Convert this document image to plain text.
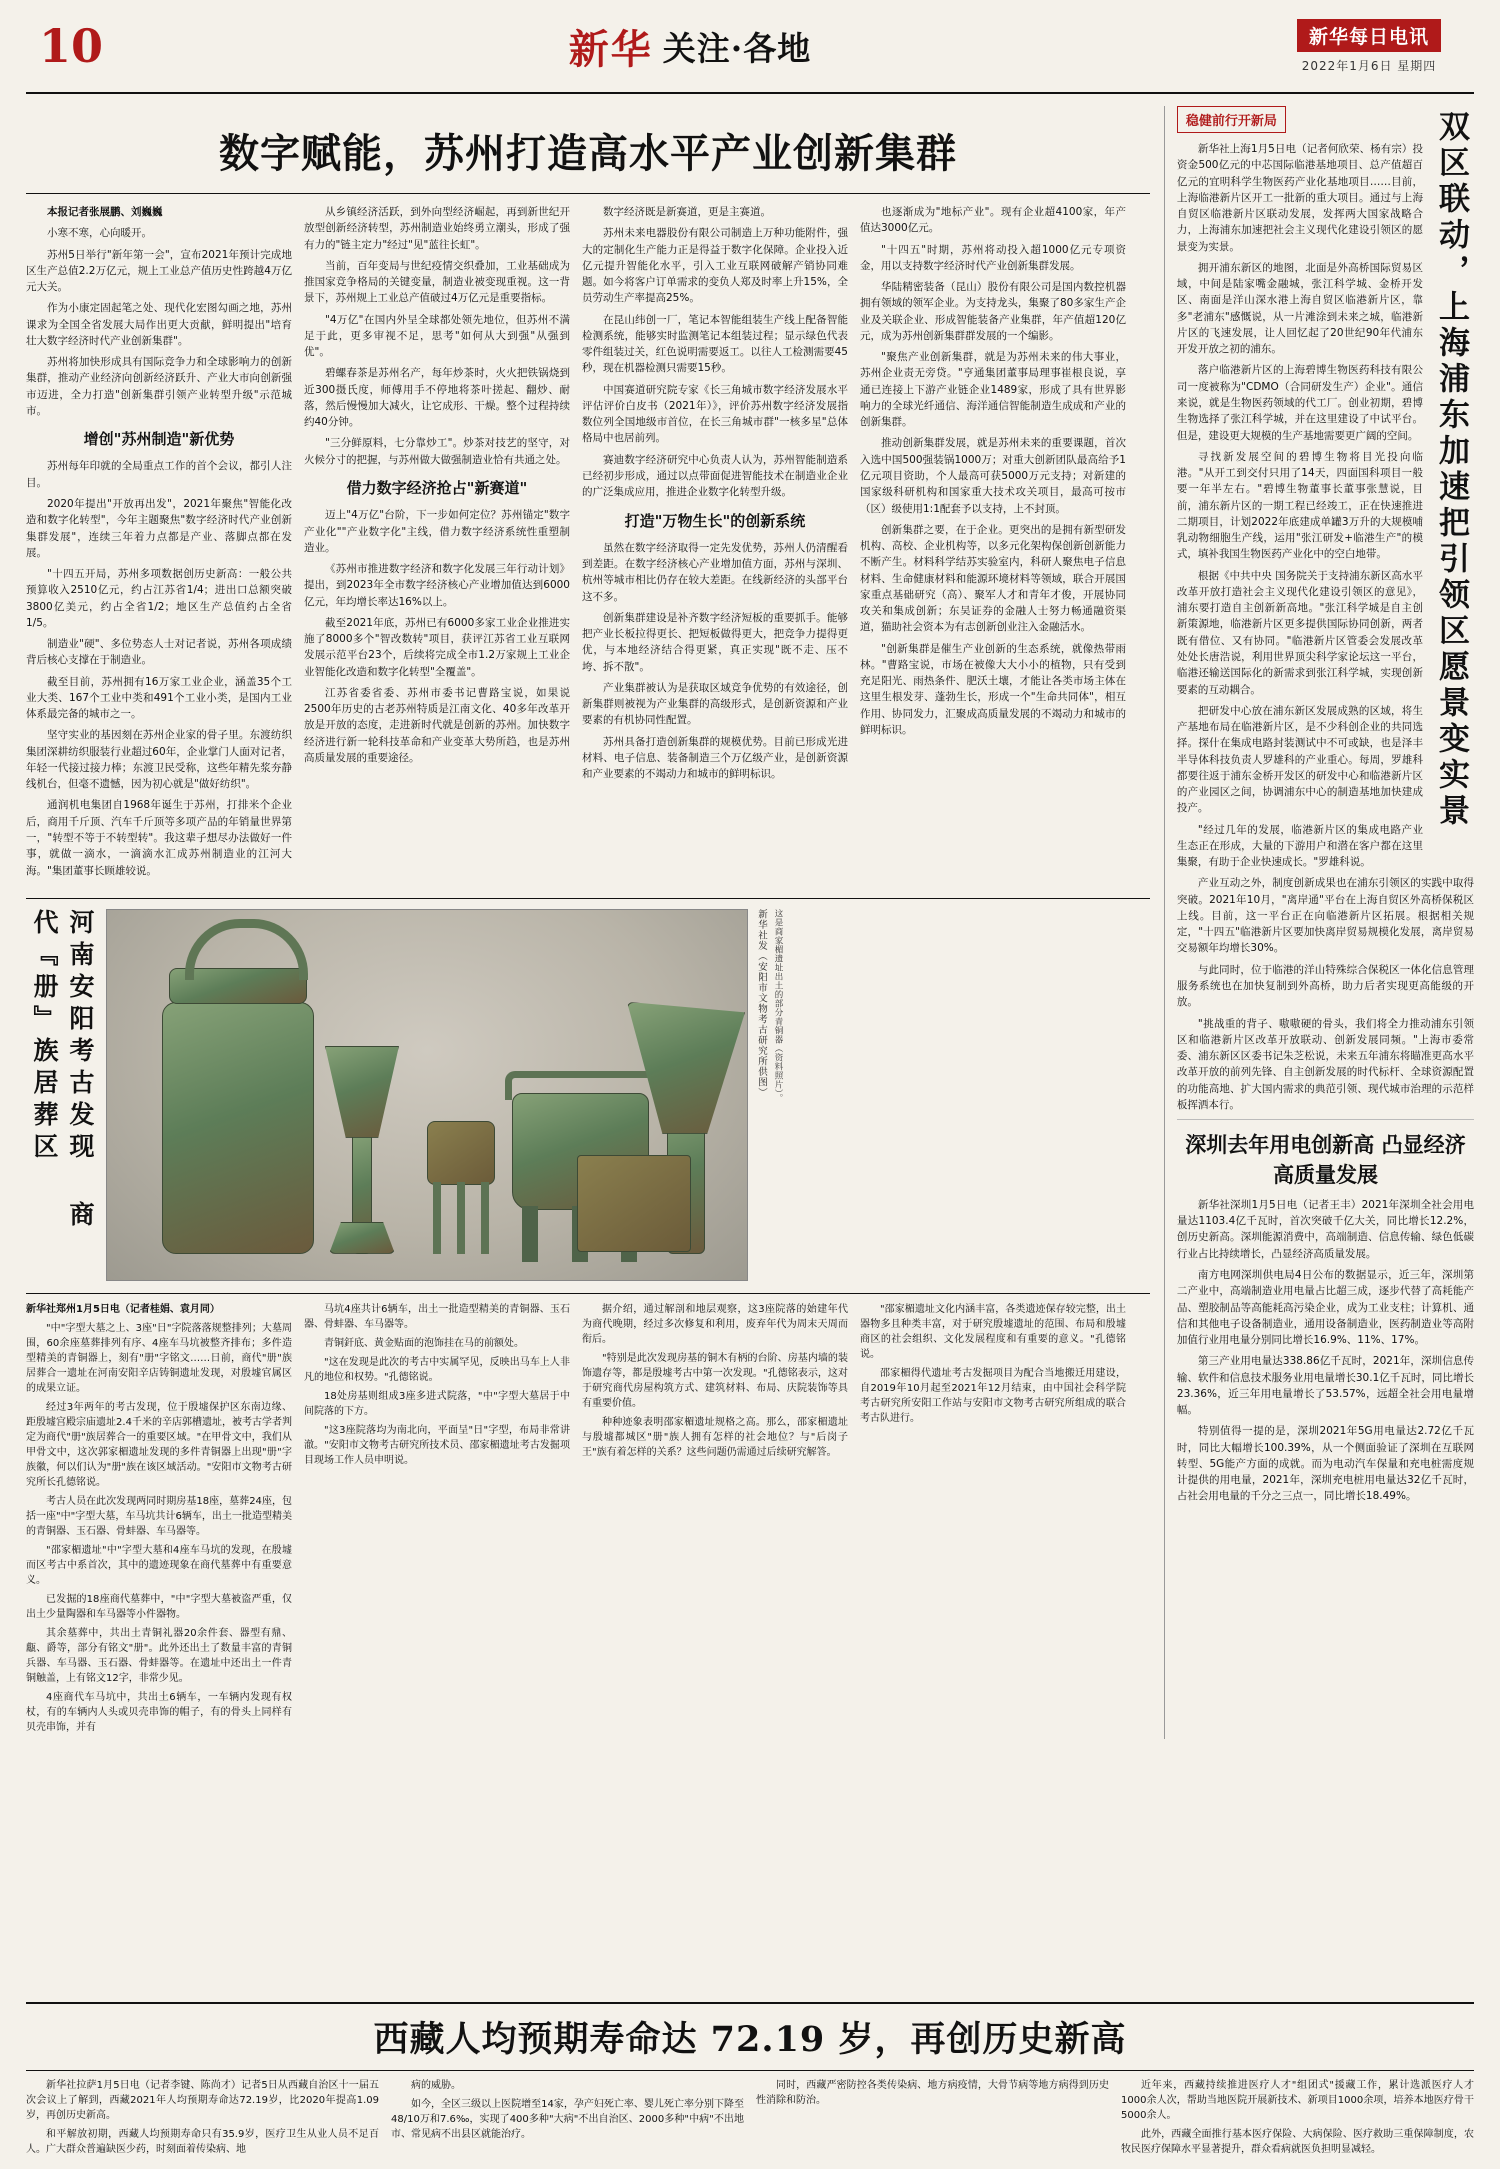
10	新华 关注·各地	新华每日电讯
2022年1月6日 星期四
数字赋能，苏州打造高水平产业创新集群

本报记者张展鹏、刘巍巍

小寒不寒，心向暖开。

苏州5日举行"新年第一会"，宣布2021年预计完成地区生产总值2.2万亿元，规上工业总产值历史性跨越4万亿元大关。

作为小康定固起笔之处、现代化宏图勾画之地，苏州课求为全国全省发展大局作出更大贡献，鲜明提出"培育壮大数字经济时代产业创新集群"。

苏州将加快形成具有国际竞争力和全球影响力的创新集群，推动产业经济向创新经济跃升、产业大市向创新强市迈进，全力打造"创新集群引领产业转型升级"示范城市。

增创"苏州制造"新优势

苏州每年印就的全局重点工作的首个会议，都引人注目。

2020年提出"开放再出发"，2021年聚焦"智能化改造和数字化转型"，今年主题聚焦"数字经济时代产业创新集群发展"，连续三年着力点都是产业、落脚点都在发展。

"十四五开局，苏州多项数据创历史新高：一般公共预算收入2510亿元，约占江苏省1/4；进出口总额突破3800亿美元，约占全省1/2；地区生产总值约占全省1/5。

制造业"硬"、多位势态人士对记者说，苏州各项成绩背后核心支撑在于制造业。

截至目前，苏州拥有16万家工业企业，涵盖35个工业大类、167个工业中类和491个工业小类，是国内工业体系最完备的城市之一。

坚守实业的基因刻在苏州企业家的骨子里。东渡纺织集团深耕纺织服装行业超过60年，企业掌门人面对记者，年轻一代接过接力棒；东渡卫民受称，这些年精先浆夯静线机台，但毫不遗憾，因为初心就是"做好纺织"。

通润机电集团自1968年诞生于苏州，打排米个企业后，商用千斤顶、汽车千斤顶等多项产品的年销量世界第一，"转型不等于不转型转"。我这辈子想尽办法做好一件事，就做一滴水，一滴滴水汇成苏州制造业的江河大海。"集团董事长顾雄较说。

从乡镇经济活跃，到外向型经济崛起，再到新世纪开放型创新经济转型，苏州制造业始终勇立潮头，形成了强有力的"链主定力"经过"见"蓝往长虹"。

当前，百年变局与世纪疫情交织叠加，工业基础成为推国家竞争格局的关键变量，制造业被变现重视。这一背景下，苏州规上工业总产值破过4万亿元是重要指标。

"4万亿"在国内外呈全球都处领先地位，但苏州不满足于此，更多审视不足，思考"如何从大到强"从强到优"。

碧螺春茶是苏州名产，每年炒茶时，火火把铁锅烧到近300摄氏度，师傅用手不停地将茶叶搓起、翻炒、耐落，然后慢慢加大减火，让它成形、干燥。整个过程持续约40分钟。

"三分鲜原料，七分靠炒工"。炒茶对技艺的坚守，对火候分寸的把握，与苏州做大做强制造业恰有共通之处。

借力数字经济抢占"新赛道"

迈上"4万亿"台阶，下一步如何定位？苏州锚定"数字产业化""产业数字化"主线，借力数字经济系统性重塑制造业。

《苏州市推进数字经济和数字化发展三年行动计划》提出，到2023年全市数字经济核心产业增加值达到6000亿元，年均增长率达16%以上。

截至2021年底，苏州已有6000多家工业企业推进实施了8000多个"智改数转"项目，获评江苏省工业互联网发展示范平台23个，后续将完成全市1.2万家规上工业企业智能化改造和数字化转型"全覆盖"。

江苏省委省委、苏州市委书记曹路宝说，如果说2500年历史的古老苏州特质是江南文化、40多年改革开放是开放的态度，走进新时代就是创新的苏州。加快数字经济进行新一轮科技革命和产业变革大势所趋，也是苏州高质量发展的重要途径。

数字经济既是新赛道，更是主赛道。

苏州未来电器股份有限公司制造上万种功能附件，强大的定制化生产能力正是得益于数字化保障。企业投入近亿元提升智能化水平，引入工业互联网破解产销协同难题。如今将客户订单需求的变负人郑及时率上升15%，全员劳动生产率提高25%。

在昆山纬创一厂，笔记本智能组装生产线上配备智能检测系统，能够实时监测笔记本组装过程；显示绿色代表零件组装过关，红色说明需要返工。以往人工检测需要45秒，现在机器检测只需要15秒。

中国赛道研究院专家《长三角城市数字经济发展水平评估评价白皮书（2021年）》，评价苏州数字经济发展指数位列全国地级市首位，在长三角城市群"一核多星"总体格局中也居前列。

赛迪数字经济研究中心负责人认为，苏州智能制造系已经初步形成，通过以点带面促进智能技术在制造业企业的广泛集成应用，推进企业数字化转型升级。

打造"万物生长"的创新系统

虽然在数字经济取得一定先发优势，苏州人仍清醒看到差距。在数字经济核心产业增加值方面，苏州与深圳、杭州等城市相比仍存在较大差距。在线新经济的头部平台这不多。

创新集群建设是补齐数字经济短板的重要抓手。能够把产业长板拉得更长、把短板做得更大，把竞争力提得更优，与本地经济结合得更紧，真正实现"既不走、压不垮、拆不散"。

产业集群被认为是获取区域竞争优势的有效途径，创新集群则被视为产业集群的高级形式，是创新资源和产业要素的有机协同性配置。

苏州具备打造创新集群的规模优势。目前已形成光进材料、电子信息、装备制造三个万亿级产业，是创新资源和产业要素的不竭动力和城市的鲜明标识。

也逐渐成为"地标产业"。现有企业超4100家，年产值达3000亿元。

"十四五"时期，苏州将动投入超1000亿元专项资金，用以支持数字经济时代产业创新集群发展。

华陆精密装备（昆山）股份有限公司是国内数控机器拥有领域的领军企业。为支持龙头，集聚了80多家生产企业及关联企业、形成智能装备产业集群，年产值超120亿元，成为苏州创新集群群发展的一个编影。

"聚焦产业创新集群，就是为苏州未来的伟大事业，苏州企业责无旁贷。"亨通集团董事局理事崔根良说，享通已连接上下游产业链企业1489家，形成了具有世界影响力的全球光纤通信、海洋通信智能制造生成成和产业的创新集群。

推动创新集群发展，就是苏州未来的重要课题，首次入选中国500强装锅1000万；对重大创新团队最高给予1亿元项目资助，个人最高可获5000万元支持；对新建的国家级科研机构和国家重大技术攻关项目，最高可按市（区）级使用1:1配套予以支持，上不封顶。

创新集群之要，在于企业。更突出的是拥有新型研发机构、高校、企业机构等，以多元化架构保创新创新能力不断产生。材料科学结苏实验室内，科研人聚焦电子信息材料、生命健康材料和能源环境材料等领域，联合开展国家重点基础研究（高）、聚军人才和青年才俊，开展协同攻关和集成创新；东吴证券的金融人士努力畅通融资渠道，猫助社会资本为有志创新创业注入金融活水。

"创新集群是催生产业创新的生态系统，就像热带雨林。"曹路宝说，市场在被像大大小小的植物，只有受到充足阳光、雨热条件、肥沃土壤，才能让各类市场主体在这里生根发芽、蓬勃生长，形成一个"生命共同体"，相互作用、协同发力，汇聚成高质量发展的不竭动力和城市的鲜明标识。

河南安阳考古发现 商代『册』族居葬区	新华社发（安阳市文物考古研究所供图） 这是商家楣遗址出土的部分青铜器（资料照片）。

新华社郑州1月5日电（记者桂娟、袁月同）

"中"字型大墓之上、3座"日"字院落落规整排列；大墓周围，60余座墓葬排列有序、4座车马坑被整齐排布；多件造型精美的青铜器上，刻有"册"字铭文……日前，商代"册"族居葬合一遗址在河南安阳辛店铸铜遗址发现，对殷墟官属区的成果立证。

经过3年两年的考古发现，位于殷墟保护区东南边缘、距殷墟宫殿宗庙遗址2.4千米的辛店郭槽遗址，被考古学者判定为商代"册"族居葬合一的重要区域。"在甲骨文中，我们从甲骨文中，这次郭家楣遗址发现的多件青铜器上出现"册"字族徽，何以们认为"册"族在该区域活动。"安阳市文物考古研究所长孔德铭说。

考古人员在此次发现两同时期房基18座，墓葬24座，包括一座"中"字型大墓，车马坑共计6辆车，出土一批造型精美的青铜器、玉石器、骨蚌器、车马器等。

"邵家楣遗址"中"字型大墓和4座车马坑的发现，在殷墟而区考古中系首次，其中的遗迹现象在商代墓葬中有重要意义。

已发掘的18座商代墓葬中，"中"字型大墓被盗严重，仅出土少量陶器和车马器等小件器物。

其余墓葬中，共出土青铜礼器20余件套、器型有鼎、甗、爵等，部分有铭文"册"。此外还出土了数量丰富的青铜兵器、车马器、玉石器、骨蚌器等。在遗址中还出土一件青铜触盖，上有铭文12字，非常少见。

4座商代车马坑中，共出土6辆车，一车辆内发现有权杖，有的车辆内人头或贝壳串饰的帽子，有的骨头上同样有贝壳串饰，并有

马坑4座共计6辆车，出土一批造型精美的青铜器、玉石器、骨蚌器、车马器等。

青铜釬底、黄金贴面的泡饰挂在马的前额处。

"这在发现是此次的考古中实属罕见，反映出马车上人非凡的地位和权势。"孔德铭说。

18处房基则组成3座多进式院落，"中"字型大墓居于中间院落的下方。

"这3座院落均为南北向，平面呈"日"字型，布局非常讲澈。"安阳市文物考古研究所技术员、邵家楣遗址考古发掘项目现场工作人员申明说。

据介绍，通过解剖和地层观察，这3座院落的始建年代为商代晚期，经过多次修复和利用，废弃年代为周末天周而衔后。

"特别是此次发现房基的铜木有柄的台阶、房基内墙的装饰遗存等，都是殷墟考古中第一次发现。"孔德铭表示，这对于研究商代房屋构筑方式、建筑材料、布局、庆院装饰等具有重要价值。

种种迹象表明邵家楣遗址规格之高。那么，邵家楣遗址与殷墟都城区"册"族人拥有怎样的社会地位？与"后岗子王"族有着怎样的关系？这些问题仍需通过后续研究解答。

"邵家楣遗址文化内涵丰富，各类遗迹保存较完整，出土器物多且种类丰富，对于研究殷墟遗址的范围、布局和殷墟商区的社会组织、文化发展程度和有重要的意义。"孔德铭说。

邵家楣得代遗址考古发掘项目为配合当地搬迁用建设，自2019年10月起至2021年12月结束，由中国社会科学院考古研究所安阳工作站与安阳市文物考古研究所组成的联合考古队进行。

稳健前行开新局	双区联动，上海浦东加速把引领区愿景变实景

新华社上海1月5日电（记者何欣荣、杨有宗）投资金500亿元的中芯国际临港基地项目、总产值超百亿元的宜明科学生物医药产业化基地项目……目前，上海临港新片区开工一批新的重大项目。通过与上海自贸区临港新片区联动发展，发挥两大国家战略合力，上海浦东加速把社会主义现代化建设引领区的愿景变为实景。

拥开浦东新区的地图，北面是外高桥国际贸易区域，中间是陆家嘴金融城，张江科学城、金桥开发区、南面是洋山深水港上海自贸区临港新片区，靠多"老浦东"感慨说，从一片滩涂到未来之城，临港新片区的飞速发展，让人回忆起了20世纪90年代浦东开发开放之初的浦东。

落户临港新片区的上海碧博生物医药科技有限公司一度被称为"CDMO（合同研发生产）企业"。通信来说，就是生物医药领域的代工厂。创业初期，碧博生物选择了张江科学城，并在这里建设了中试平台。但是，建设更大规模的生产基地需要更广阔的空间。

寻找新发展空间的碧博生物将目光投向临港。"从开工到交付只用了14天，四面国科项目一般要一年半左右。"碧博生物董事长董事张慧说，目前，浦东新片区的一期工程已经竣工，正在快速推进二期项目，计划2022年底建成单罐3万升的大规模哺乳动物细胞生产线，运用"张江研发+临港生产"的模式，填补我国生物医药产业化中的空白地带。

根据《中共中央 国务院关于支持浦东新区高水平改革开放打造社会主义现代化建设引领区的意见》，浦东要打造自主创新新高地。"张江科学城是自主创新策源地，临港新片区更多提供国际协同创新，两者既有借位、又有协同。"临港新片区管委会发展改革处处长唐浩说，利用世界顶尖科学家论坛这一平台，临港还输送国际化的新需求到张江科学城，实现创新要素的互动耦合。

把研发中心放在浦东新区发展成熟的区域，将生产基地布局在临港新片区，是不少科创企业的共同选择。探什在集成电路封装测试中不可或缺，也是泽丰半导体科技负责人罗雄科的产业重心。每周，罗雄科都要往返于浦东金桥开发区的研发中心和临港新片区的产业园区之间，协调浦东中心的制造基地加快建成投产。

"经过几年的发展，临港新片区的集成电路产业生态正在形成，大量的下游用户和潜在客户都在这里集聚，有助于企业快速成长。"罗雄科说。

产业互动之外，制度创新成果也在浦东引领区的实践中取得突破。2021年10月，"离岸通"平台在上海自贸区外高桥保税区上线。目前，这一平台正在向临港新片区拓展。根据相关规定，"十四五"临港新片区要加快离岸贸易规模化发展，离岸贸易交易额年均增长30%。

与此同时，位于临港的洋山特殊综合保税区一体化信息管理服务系统也在加快复制到外高桥，助力后者实现更高能级的开放。

"挑战重的背子、嗷嗷硬的骨头，我们将全力推动浦东引领区和临港新片区改革开放联动、创新发展同频。"上海市委常委、浦东新区区委书记朱芝松说，未来五年浦东将瞄准更高水平改革开放的前列先锋、自主创新发展的时代标杆、全球资源配置的功能高地、扩大国内需求的典范引领、现代城市治理的示范样板挥洒本行。

深圳去年用电创新高 凸显经济高质量发展

新华社深圳1月5日电（记者王丰）2021年深圳全社会用电量达1103.4亿千瓦时，首次突破千亿大关，同比增长12.2%，创历史新高。深圳能源消费中，高端制造、信息传输、绿色低碳行业占比持续增长，凸显经济高质量发展。

南方电网深圳供电局4日公布的数据显示，近三年，深圳第二产业中，高端制造业用电量占比超三成，逐步代替了高耗能产品、塑胶制品等高能耗高污染企业，成为工业支柱；计算机、通信和其他电子设备制造业，通用设备制造业，医药制造业等高附加值行业用电量分别同比增长16.9%、11%、17%。

第三产业用电量达338.86亿千瓦时，2021年，深圳信息传输、软件和信息技术服务业用电量增长30.1亿千瓦时，同比增长23.36%，近三年用电量增长了53.57%，远超全社会用电量增幅。

特别值得一提的是，深圳2021年5G用电量达2.72亿千瓦时，同比大幅增长100.39%，从一个侧面验证了深圳在互联网转型、5G能产方面的成就。而为电动汽车保量和充电桩需度规计提供的用电量，2021年，深圳充电桩用电量达32亿千瓦时，占社会用电量的千分之三点一，同比增长18.49%。

西藏人均预期寿命达 72.19 岁，再创历史新高

新华社拉萨1月5日电（记者李键、陈尚才）记者5日从西藏自治区十一届五次会议上了解到，西藏2021年人均预期寿命达72.19岁，比2020年提高1.09岁，再创历史新高。

和平解放初期，西藏人均预期寿命只有35.9岁，医疗卫生从业人员不足百人。广大群众普遍缺医少药，时刻面着传染病、地

病的威胁。

如今，全区三级以上医院增至14家，孕产妇死亡率、婴儿死亡率分别下降至48/10万和7.6‰，实现了400多种"大病"不出自治区、2000多种"中病"不出地市、常见病不出县区就能治疗。

同时，西藏严密防控各类传染病、地方病疫情，大骨节病等地方病得到历史性消除和防治。

近年来，西藏持续推进医疗人才"组团式"援藏工作，累计选派医疗人才1000余人次，帮助当地医院开展新技术、新项目1000余项，培养本地医疗骨干5000余人。

此外，西藏全面推行基本医疗保险、大病保险、医疗救助三重保障制度，农牧民医疗保障水平显著提升，群众看病就医负担明显减轻。
